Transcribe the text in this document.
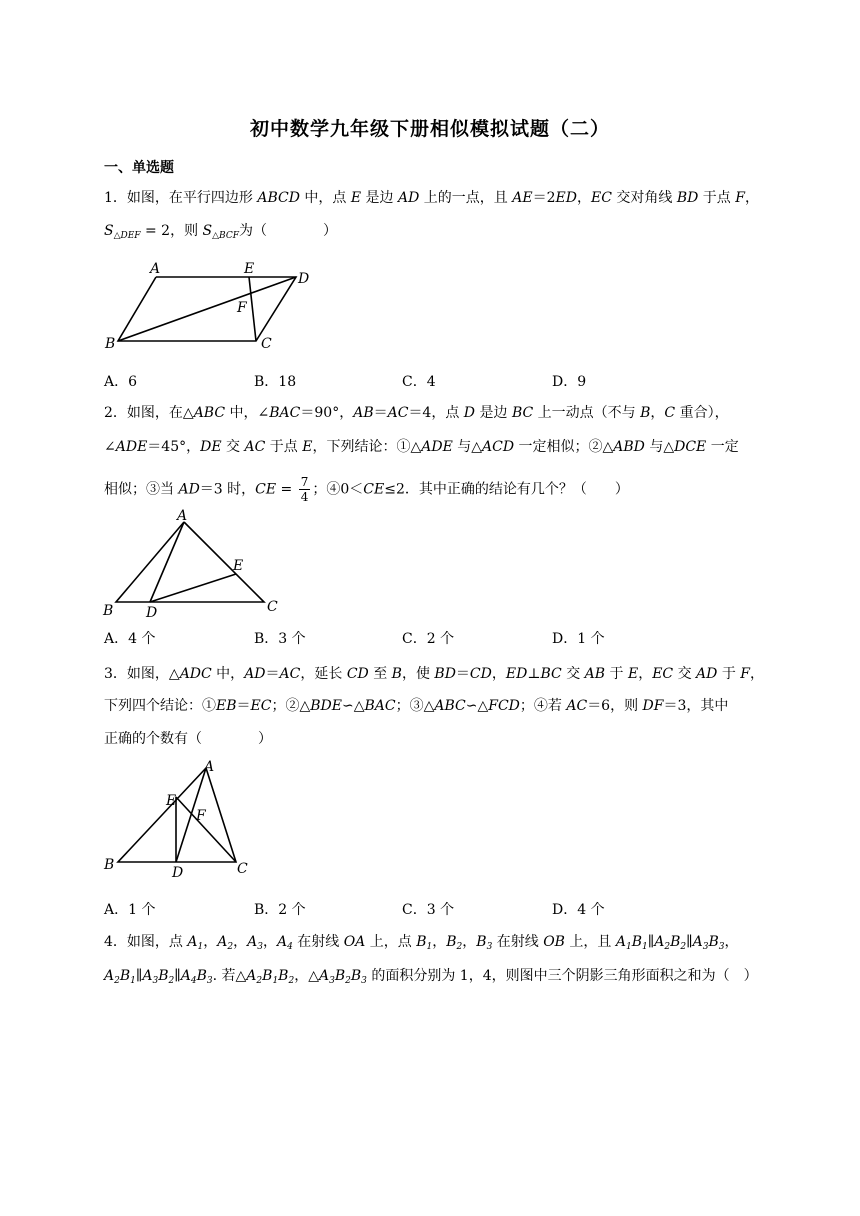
初中数学九年级下册相似模拟试题（二）
一、单选题
1．如图，在平行四边形 ABCD 中，点 E 是边 AD 上的一点，且 AE＝2ED，EC 交对角线 BD 于点 F，
$S_{\triangle DEF} = 2$，则 $S_{\triangle BCF}$为（　　　　）
A	E
D
F
B	C
A．6	B．18	C．4	D．9
2．如图，在△ABC 中，∠BAC＝90°，AB＝AC＝4，点 D 是边 BC 上一动点（不与 B，C 重合），
∠ADE＝45°，DE 交 AC 于点 E，下列结论：①△ADE 与△ACD 一定相似；②△ABD 与△DCE 一定
相似；③当 AD＝3 时，CE = $\frac{7}{4}$ ；④0＜CE≤2．其中正确的结论有几个？（　　）
A
B D
E
C
A．4 个	B．3 个	C．2 个	D．1 个
3．如图，△ADC 中，AD＝AC，延长 CD 至 B，使 BD＝CD，ED⊥BC 交 AB 于 E，EC 交 AD 于 F，
下列四个结论：①EB＝EC；②△BDE∽△BAC；③△ABC∽△FCD；④若 AC＝6，则 DF＝3，其中
正确的个数有（　　　　）
A
E
F
B	D	C
A．1 个	B．2 个	C．3 个	D．4 个
4．如图，点 $A_1$，$A_2$，$A_3$，$A_4$ 在射线 OA 上，点 $B_1$，$B_2$，$B_3$ 在射线 OB 上，且 $A_1B_1\parallel A_2B_2\parallel A_3B_3$，
$A_2B_1\parallel A_3B_2\parallel A_4B_3$. 若$\triangle A_2B_1B_2$，$\triangle A_3B_2B_3$ 的面积分别为 1，4，则图中三个阴影三角形面积之和为（　）
